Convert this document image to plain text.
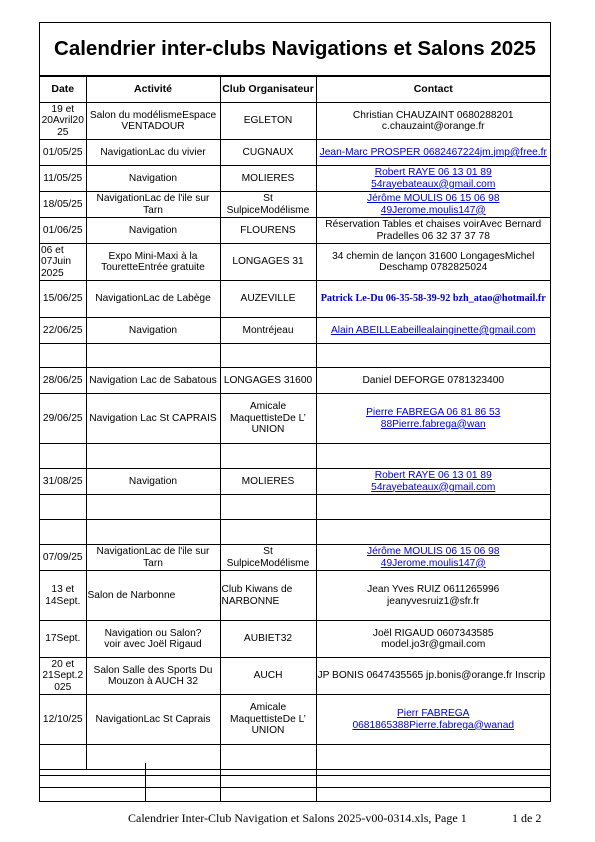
Calendrier inter-clubs Navigations et Salons 2025
Date	Activité	Club Organisateur	Contact
19 et
20Avril20
25	Salon du modélismeEspace
VENTADOUR	EGLETON	Christian CHAUZAINT 0680288201
c.chauzaint@orange.fr
01/05/25	NavigationLac du vivier	CUGNAUX	Jean-Marc PROSPER 0682467224jm.jmp@free.fr
11/05/25	Navigation	MOLIERES	Robert RAYE 06 13 01 89 54rayebateaux@gmail.com
18/05/25	NavigationLac de l'ile sur
Tarn	St SulpiceModélisme	Jérôme MOULIS 06 15 06 98 49Jerome.moulis147@
01/06/25	Navigation	FLOURENS	Réservation Tables et chaises voirAvec Bernard
Pradelles 06 32 37 37 78
06 et
07Juin
2025	Expo Mini-Maxi à la
TouretteEntrée gratuite	LONGAGES 31	34 chemin de lançon 31600 LongagesMichel
Deschamp 0782825024
15/06/25	NavigationLac de Labège	AUZEVILLE	Patrick Le-Du 06-35-58-39-92 bzh_atao@hotmail.fr
22/06/25	Navigation	Montréjeau	Alain ABEILLEabeillealainginette@gmail.com

28/06/25	Navigation Lac de Sabatous	LONGAGES 31600	Daniel DEFORGE 0781323400
29/06/25	Navigation Lac St CAPRAIS	Amicale
MaquettisteDe L’
UNION	Pierre FABREGA 06 81 86 53 88Pierre.fabrega@wan

31/08/25	Navigation	MOLIERES	Robert RAYE 06 13 01 89 54rayebateaux@gmail.com

07/09/25	NavigationLac de l'ile sur
Tarn	St SulpiceModélisme	Jérôme MOULIS 06 15 06 98 49Jerome.moulis147@
13 et
14Sept.	Salon de Narbonne	Club Kiwans de
NARBONNE	Jean Yves RUIZ 0611265996
jeanyvesruiz1@sfr.fr
17Sept.	Navigation ou Salon?
voir avec Joël Rigaud	AUBIET32	Joël RIGAUD 0607343585
model.jo3r@gmail.com
20 et
21Sept.2
025	Salon Salle des Sports Du
Mouzon à AUCH 32	AUCH	JP BONIS 0647435565 jp.bonis@orange.fr Inscrip
12/10/25	NavigationLac St Caprais	Amicale
MaquettisteDe L’
UNION	Pierr FABREGA 0681865388Pierre.fabrega@wanad

Calendrier Inter-Club Navigation et Salons 2025-v00-0314.xls, Page 1	1 de 2
